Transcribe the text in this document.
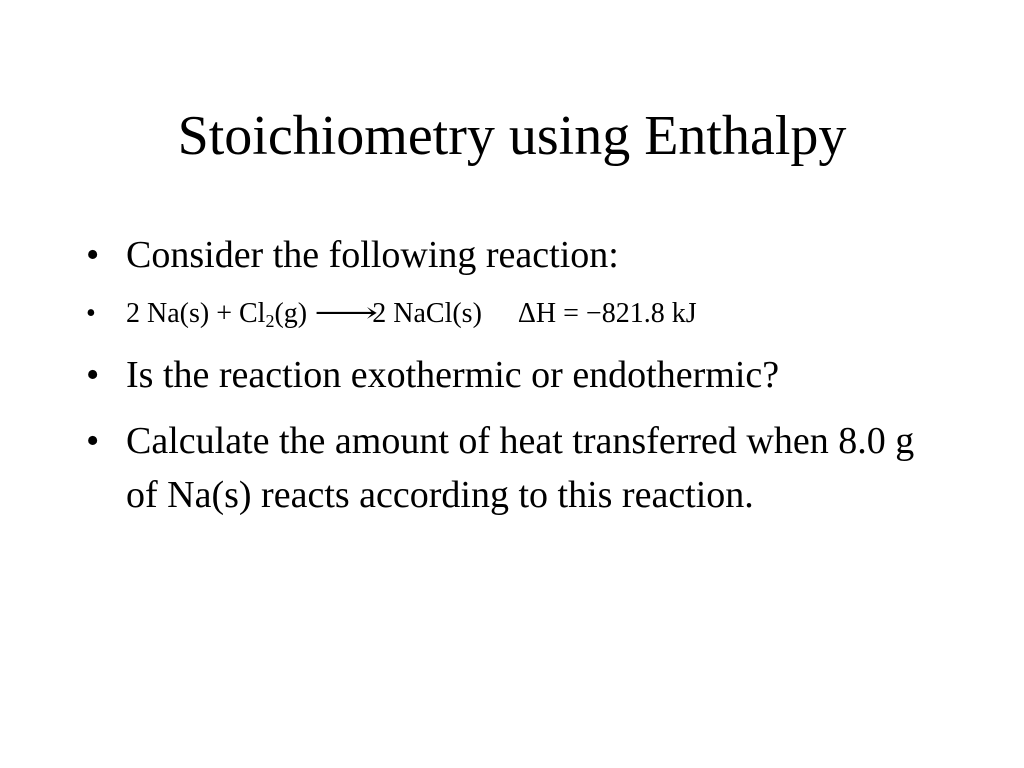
Stoichiometry using Enthalpy
• Consider the following reaction:
• 2 $Na(s) + Cl_2(g)$ ⟶2 NaCl(s) ΔH = −821.8 kJ
• Is the reaction exothermic or endothermic?
• Calculate the amount of heat transferred when 8.0 g of Na(s) reacts according to this reaction.
